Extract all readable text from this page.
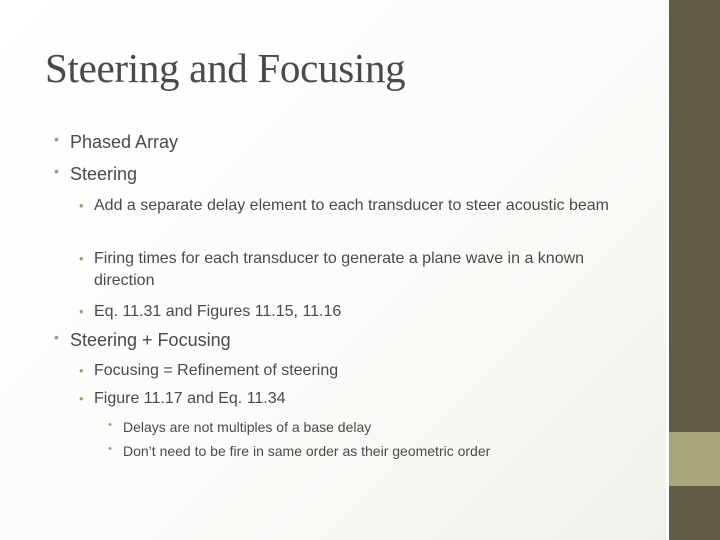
Steering and Focusing
• Phased Array
• Steering
• Add a separate delay element to each transducer to steer acoustic beam
• Firing times for each transducer to generate a plane wave in a known direction
• Eq. 11.31 and Figures 11.15, 11.16
• Steering + Focusing
• Focusing = Refinement of steering
• Figure 11.17 and Eq. 11.34
• Delays are not multiples of a base delay
• Don’t need to be fire in same order as their geometric order
